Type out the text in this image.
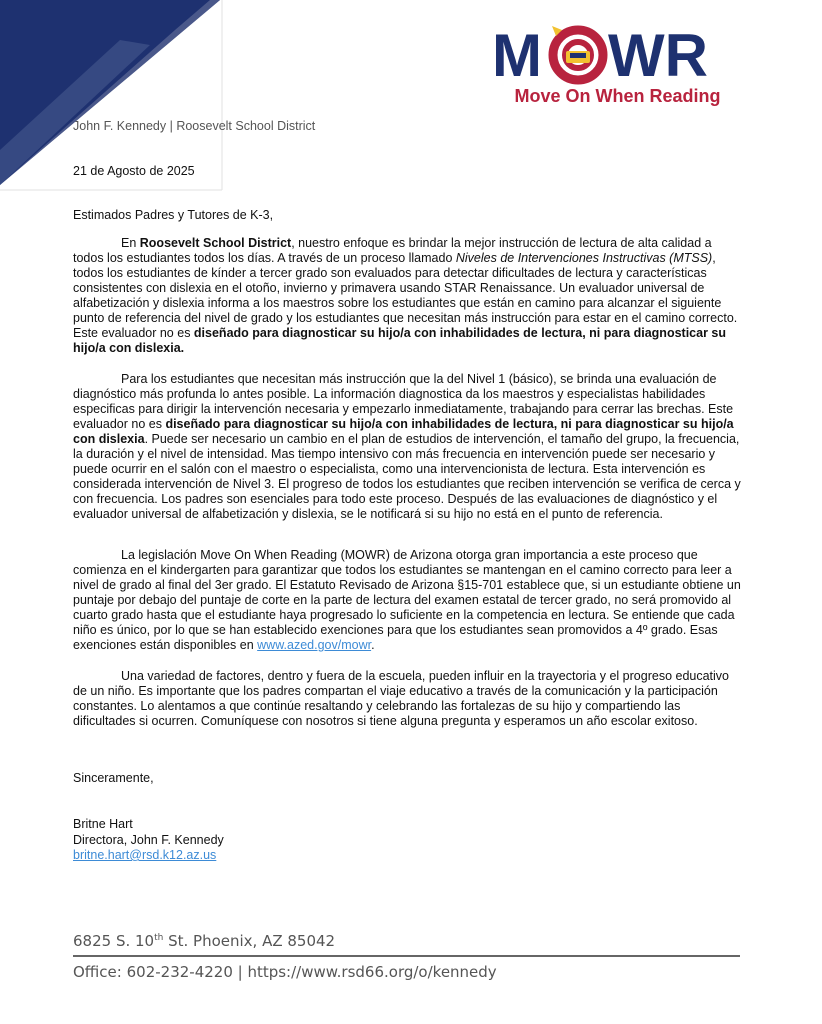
M WR
Move On When Reading
John F. Kennedy | Roosevelt School District
21 de Agosto de 2025
Estimados Padres y Tutores de K-3,

En Roosevelt School District, nuestro enfoque es brindar la mejor instrucción de lectura de alta calidad a todos los estudiantes todos los días. A través de un proceso llamado Niveles de Intervenciones Instructivas (MTSS), todos los estudiantes de kínder a tercer grado son evaluados para detectar dificultades de lectura y características consistentes con dislexia en el otoño, invierno y primavera usando STAR Renaissance. Un evaluador universal de alfabetización y dislexia informa a los maestros sobre los estudiantes que están en camino para alcanzar el siguiente punto de referencia del nivel de grado y los estudiantes que necesitan más instrucción para estar en el camino correcto. Este evaluador no es diseñado para diagnosticar su hijo/a con inhabilidades de lectura, ni para diagnosticar su hijo/a con dislexia.

Para los estudiantes que necesitan más instrucción que la del Nivel 1 (básico), se brinda una evaluación de diagnóstico más profunda lo antes posible. La información diagnostica da los maestros y especialistas habilidades especificas para dirigir la intervención necesaria y empezarlo inmediatamente, trabajando para cerrar las brechas. Este evaluador no es diseñado para diagnosticar su hijo/a con inhabilidades de lectura, ni para diagnosticar su hijo/a con dislexia. Puede ser necesario un cambio en el plan de estudios de intervención, el tamaño del grupo, la frecuencia, la duración y el nivel de intensidad. Mas tiempo intensivo con más frecuencia en intervención puede ser necesario y puede ocurrir en el salón con el maestro o especialista, como una intervencionista de lectura. Esta intervención es considerada intervención de Nivel 3. El progreso de todos los estudiantes que reciben intervención se verifica de cerca y con frecuencia. Los padres son esenciales para todo este proceso. Después de las evaluaciones de diagnóstico y el evaluador universal de alfabetización y dislexia, se le notificará si su hijo no está en el punto de referencia.

La legislación Move On When Reading (MOWR) de Arizona otorga gran importancia a este proceso que comienza en el kindergarten para garantizar que todos los estudiantes se mantengan en el camino correcto para leer a nivel de grado al final del 3er grado. El Estatuto Revisado de Arizona §15-701 establece que, si un estudiante obtiene un puntaje por debajo del puntaje de corte en la parte de lectura del examen estatal de tercer grado, no será promovido al cuarto grado hasta que el estudiante haya progresado lo suficiente en la competencia en lectura. Se entiende que cada niño es único, por lo que se han establecido exenciones para que los estudiantes sean promovidos a 4º grado. Esas exenciones están disponibles en www.azed.gov/mowr.

Una variedad de factores, dentro y fuera de la escuela, pueden influir en la trayectoria y el progreso educativo de un niño. Es importante que los padres compartan el viaje educativo a través de la comunicación y la participación constantes. Lo alentamos a que continúe resaltando y celebrando las fortalezas de su hijo y compartiendo las dificultades si ocurren. Comuníquese con nosotros si tiene alguna pregunta y esperamos un año escolar exitoso.

Sinceramente,
Britne Hart
Directora, John F. Kennedy
britne.hart@rsd.k12.az.us
6825 S. 10th St. Phoenix, AZ 85042
Office: 602-232-4220 | https://www.rsd66.org/o/kennedy
